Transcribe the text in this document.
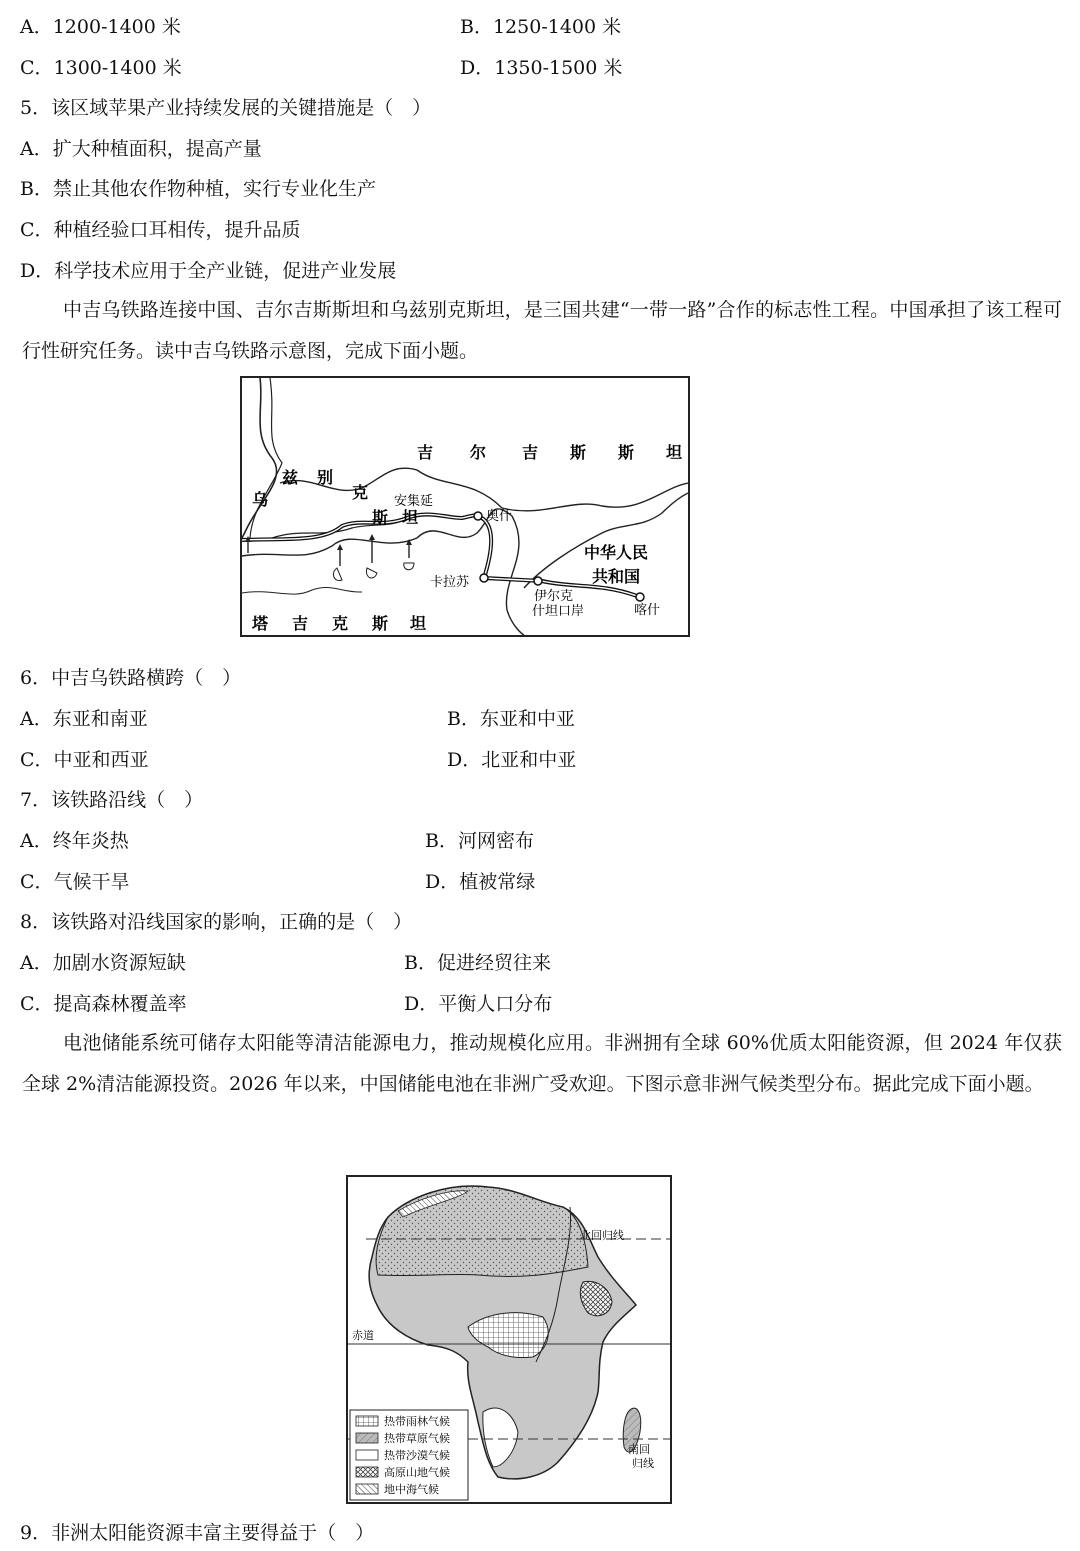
A．1200-1400 米	B．1250-1400 米
C．1300-1400 米	D．1350-1500 米
5．该区域苹果产业持续发展的关键措施是（　）
A．扩大种植面积，提高产量
B．禁止其他农作物种植，实行专业化生产
C．种植经验口耳相传，提升品质
D．科学技术应用于全产业链，促进产业发展
中吉乌铁路连接中国、吉尔吉斯斯坦和乌兹别克斯坦，是三国共建“一带一路”合作的标志性工程。中国承担了该工程可行性研究任务。读中吉乌铁路示意图，完成下面小题。
吉 尔 吉 斯 斯 坦
乌
兹 别
克
斯 坦
塔 吉 克 斯 坦
中华人民
共和国
安集延
奥什
卡拉苏
伊尔克
什坦口岸	喀什
6．中吉乌铁路横跨（　）
A．东亚和南亚	B．东亚和中亚
C．中亚和西亚	D．北亚和中亚
7．该铁路沿线（　）
A．终年炎热	B．河网密布
C．气候干旱	D．植被常绿
8．该铁路对沿线国家的影响，正确的是（　）
A．加剧水资源短缺	B．促进经贸往来
C．提高森林覆盖率	D．平衡人口分布
电池储能系统可储存太阳能等清洁能源电力，推动规模化应用。非洲拥有全球 60%优质太阳能资源，但 2024 年仅获全球 2%清洁能源投资。2026 年以来，中国储能电池在非洲广受欢迎。下图示意非洲气候类型分布。据此完成下面小题。
北回归线
赤道
南回
归线
热带雨林气候
热带草原气候
热带沙漠气候
高原山地气候
地中海气候
9．非洲太阳能资源丰富主要得益于（　）
